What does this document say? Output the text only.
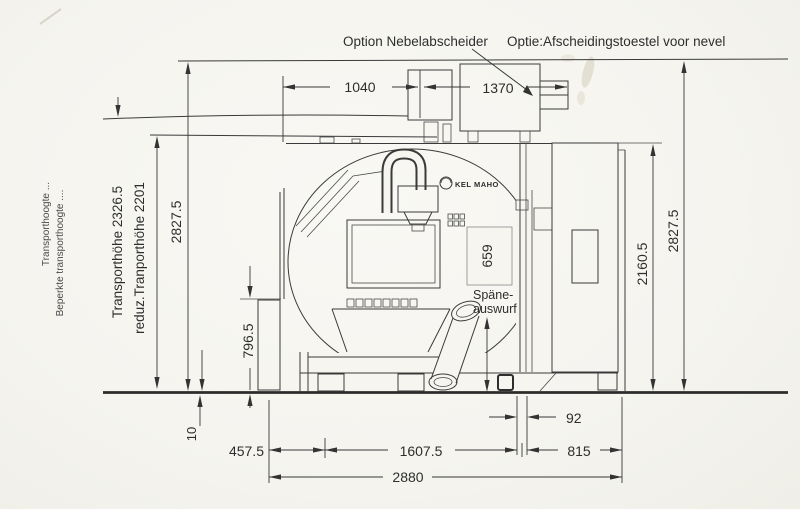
Option Nebelabscheider Optie:Afscheidingstoestel voor nevel
Transporthoogte ... Beperkte transporthoogte ....	Transporthöhe 2326.5 reduz.Tranporthöhe 2201 2827.5
796.5
10
1040	1370
KEL MAHO
659
Späne-
auswurf
2160.5
2827.5
92
457.5	1607.5	815
2880
